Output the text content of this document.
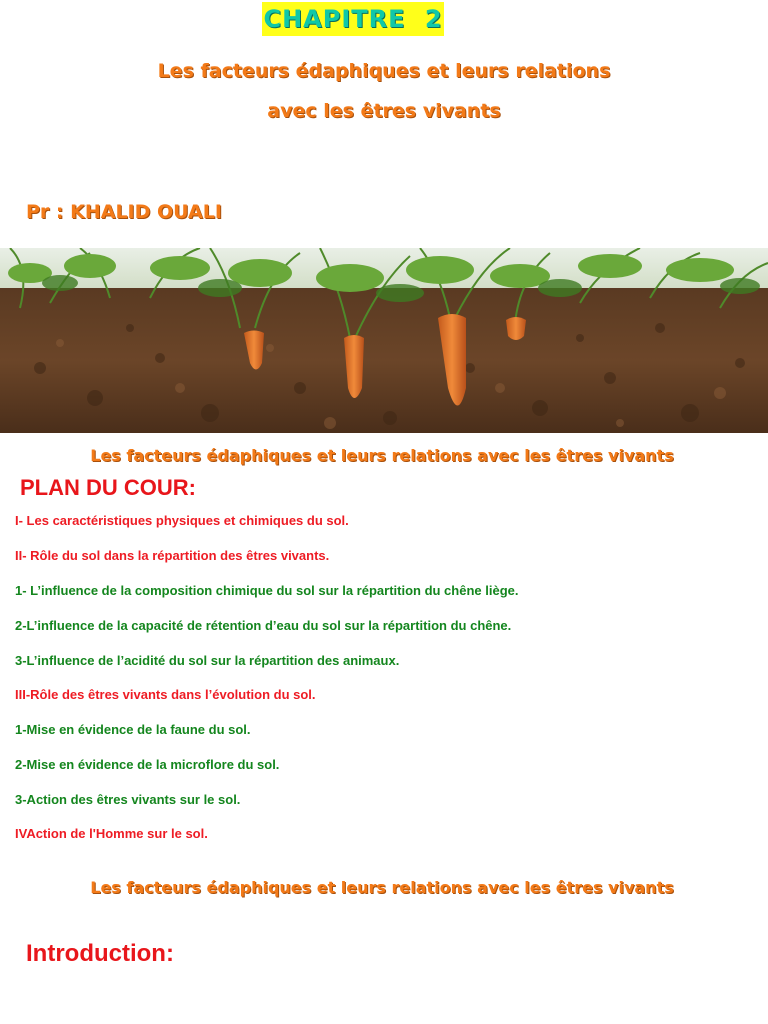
CHAPITRE 2
Les facteurs édaphiques et leurs relations
avec les êtres vivants
Pr : KHALID OUALI
Les facteurs édaphiques et leurs relations avec les êtres vivants
PLAN DU COUR:
I- Les caractéristiques physiques et chimiques du sol.
II- Rôle du sol dans la répartition des êtres vivants.
1- L’influence de la composition chimique du sol sur la répartition du chêne liège.
2-L’influence de la capacité de rétention d’eau du sol sur la répartition du chêne.
3-L’influence de l’acidité du sol sur la répartition des animaux.
III-Rôle des êtres vivants dans l’évolution du sol.
1-Mise en évidence de la faune du sol.
2-Mise en évidence de la microflore du sol.
3-Action des êtres vivants sur le sol.
IVAction de l'Homme sur le sol.
Les facteurs édaphiques et leurs relations avec les êtres vivants
Introduction:
